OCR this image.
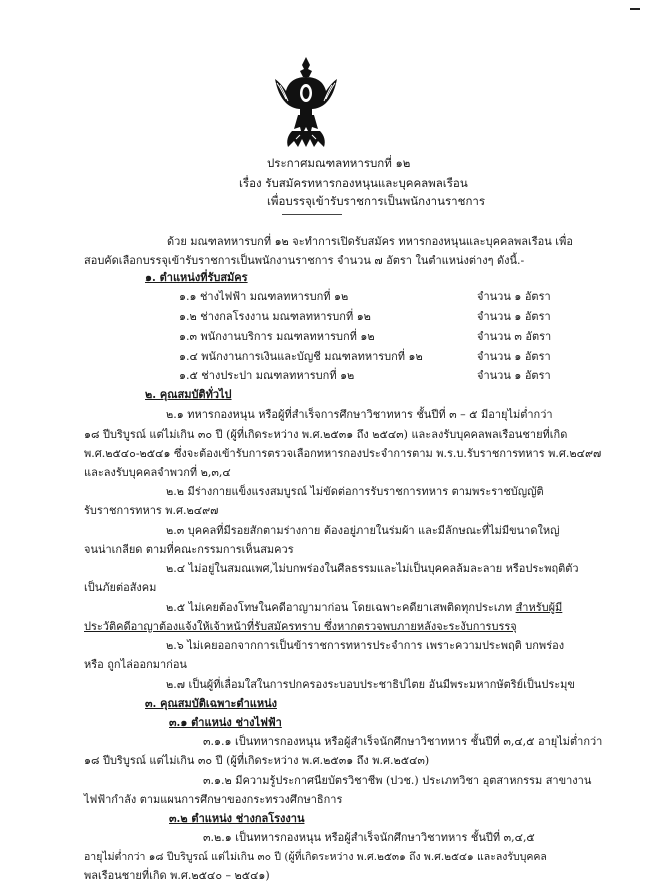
ประกาศมณฑลทหารบกที่ ๑๒
เรื่อง รับสมัครทหารกองหนุนและบุคคลพลเรือน
เพื่อบรรจุเข้ารับราชการเป็นพนักงานราชการ
ด้วย มณฑลทหารบกที่ ๑๒ จะทำการเปิดรับสมัคร ทหารกองหนุนและบุคคลพลเรือน เพื่อ
สอบคัดเลือกบรรจุเข้ารับราชการเป็นพนักงานราชการ จำนวน ๗ อัตรา ในตำแหน่งต่างๆ ดังนี้.-
๑. ตำแหน่งที่รับสมัคร
๑.๑ ช่างไฟฟ้า มณฑลทหารบกที่ ๑๒	จำนวน ๑ อัตรา
๑.๒ ช่างกลโรงงาน มณฑลทหารบกที่ ๑๒	จำนวน ๑ อัตรา
๑.๓ พนักงานบริการ มณฑลทหารบกที่ ๑๒	จำนวน ๓ อัตรา
๑.๔ พนักงานการเงินและบัญชี มณฑลทหารบกที่ ๑๒	จำนวน ๑ อัตรา
๑.๕ ช่างประปา มณฑลทหารบกที่ ๑๒	จำนวน ๑ อัตรา
๒. คุณสมบัติทั่วไป
๒.๑ ทหารกองหนุน หรือผู้ที่สำเร็จการศึกษาวิชาทหาร ชั้นปีที่ ๓ – ๕ มีอายุไม่ต่ำกว่า
๑๘ ปีบริบูรณ์ แต่ไม่เกิน ๓๐ ปี (ผู้ที่เกิดระหว่าง พ.ศ.๒๕๓๑ ถึง ๒๕๔๓) และลงรับบุคคลพลเรือนชายที่เกิด
พ.ศ.๒๕๔๐-๒๕๔๑ ซึ่งจะต้องเข้ารับการตรวจเลือกทหารกองประจำการตาม พ.ร.บ.รับราชการทหาร พ.ศ.๒๔๙๗
และลงรับบุคคลจำพวกที่ ๒,๓,๔
๒.๒ มีร่างกายแข็งแรงสมบูรณ์ ไม่ขัดต่อการรับราชการทหาร ตามพระราชบัญญัติ
รับราชการทหาร พ.ศ.๒๔๙๗
๒.๓ บุคคลที่มีรอยสักตามร่างกาย ต้องอยู่ภายในร่มผ้า และมีลักษณะที่ไม่มีขนาดใหญ่
จนน่าเกลียด ตามที่คณะกรรมการเห็นสมควร
๒.๔ ไม่อยู่ในสมณเพศ,ไม่บกพร่องในศีลธรรมและไม่เป็นบุคคลล้มละลาย หรือประพฤติตัว
เป็นภัยต่อสังคม
๒.๕ ไม่เคยต้องโทษในคดีอาญามาก่อน โดยเฉพาะคดียาเสพติดทุกประเภท สำหรับผู้มี
ประวัติคดีอาญาต้องแจ้งให้เจ้าหน้าที่รับสมัครทราบ ซึ่งหากตรวจพบภายหลังจะระงับการบรรจุ
๒.๖ ไม่เคยออกจากการเป็นข้าราชการทหารประจำการ เพราะความประพฤติ บกพร่อง
หรือ ถูกไล่ออกมาก่อน
๒.๗ เป็นผู้ที่เลื่อมใสในการปกครองระบอบประชาธิปไตย อันมีพระมหากษัตริย์เป็นประมุข
๓. คุณสมบัติเฉพาะตำแหน่ง
๓.๑ ตำแหน่ง ช่างไฟฟ้า
๓.๑.๑ เป็นทหารกองหนุน หรือผู้สำเร็จนักศึกษาวิชาทหาร ชั้นปีที่ ๓,๔,๕ อายุไม่ต่ำกว่า
๑๘ ปีบริบูรณ์ แต่ไม่เกิน ๓๐ ปี (ผู้ที่เกิดระหว่าง พ.ศ.๒๕๓๑ ถึง พ.ศ.๒๕๔๓)
๓.๑.๒ มีความรู้ประกาศนียบัตรวิชาชีพ (ปวช.) ประเภทวิชา อุตสาหกรรม สาขางาน
ไฟฟ้ากำลัง ตามแผนการศึกษาของกระทรวงศึกษาธิการ
๓.๒ ตำแหน่ง ช่างกลโรงงาน
๓.๒.๑ เป็นทหารกองหนุน หรือผู้สำเร็จนักศึกษาวิชาทหาร ชั้นปีที่ ๓,๔,๕
อายุไม่ต่ำกว่า ๑๘ ปีบริบูรณ์ แต่ไม่เกิน ๓๐ ปี (ผู้ที่เกิดระหว่าง พ.ศ.๒๕๓๑ ถึง พ.ศ.๒๕๔๑ และลงรับบุคคล
พลเรือนชายที่เกิด พ.ศ.๒๕๔๐ – ๒๕๔๑)
